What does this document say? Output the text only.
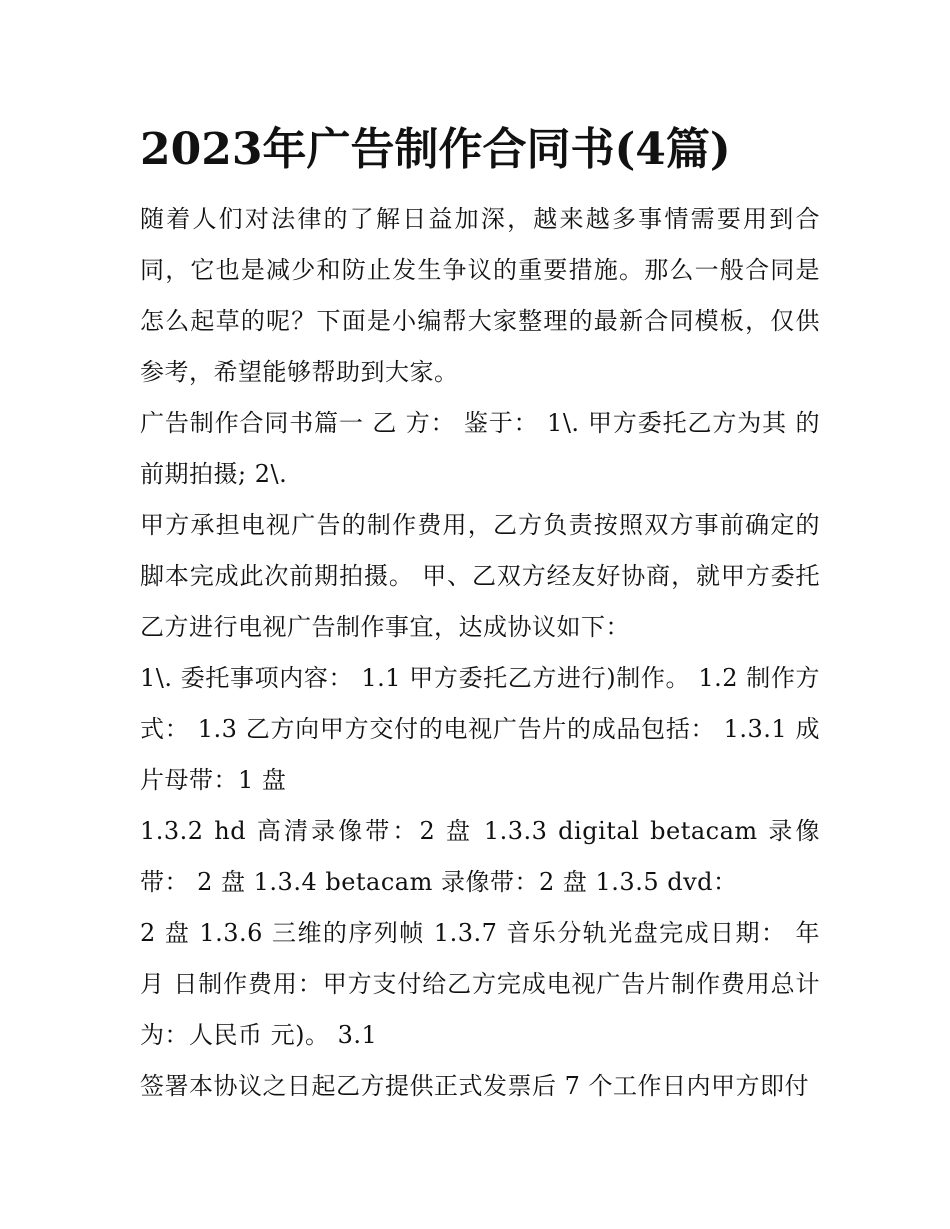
2023年广告制作合同书(4篇)

随着人们对法律的了解日益加深，越来越多事情需要用到合同，它也是减少和防止发生争议的重要措施。那么一般合同是怎么起草的呢？下面是小编帮大家整理的最新合同模板，仅供参考，希望能够帮助到大家。

广告制作合同书篇一 乙 方： 鉴于： 1\. 甲方委托乙方为其 的前期拍摄; 2\.

甲方承担电视广告的制作费用，乙方负责按照双方事前确定的脚本完成此次前期拍摄。 甲、乙双方经友好协商，就甲方委托乙方进行电视广告制作事宜，达成协议如下：

1\. 委托事项内容： 1.1 甲方委托乙方进行)制作。 1.2 制作方式： 1.3 乙方向甲方交付的电视广告片的成品包括： 1.3.1 成片母带：1 盘

1.3.2 hd 高清录像带：2 盘 1.3.3 digital betacam 录像带： 2 盘 1.3.4 betacam 录像带：2 盘 1.3.5 dvd：

2 盘 1.3.6 三维的序列帧 1.3.7 音乐分轨光盘完成日期： 年 月 日制作费用：甲方支付给乙方完成电视广告片制作费用总计为：人民币 元)。 3.1

签署本协议之日起乙方提供正式发票后 7 个工作日内甲方即付
